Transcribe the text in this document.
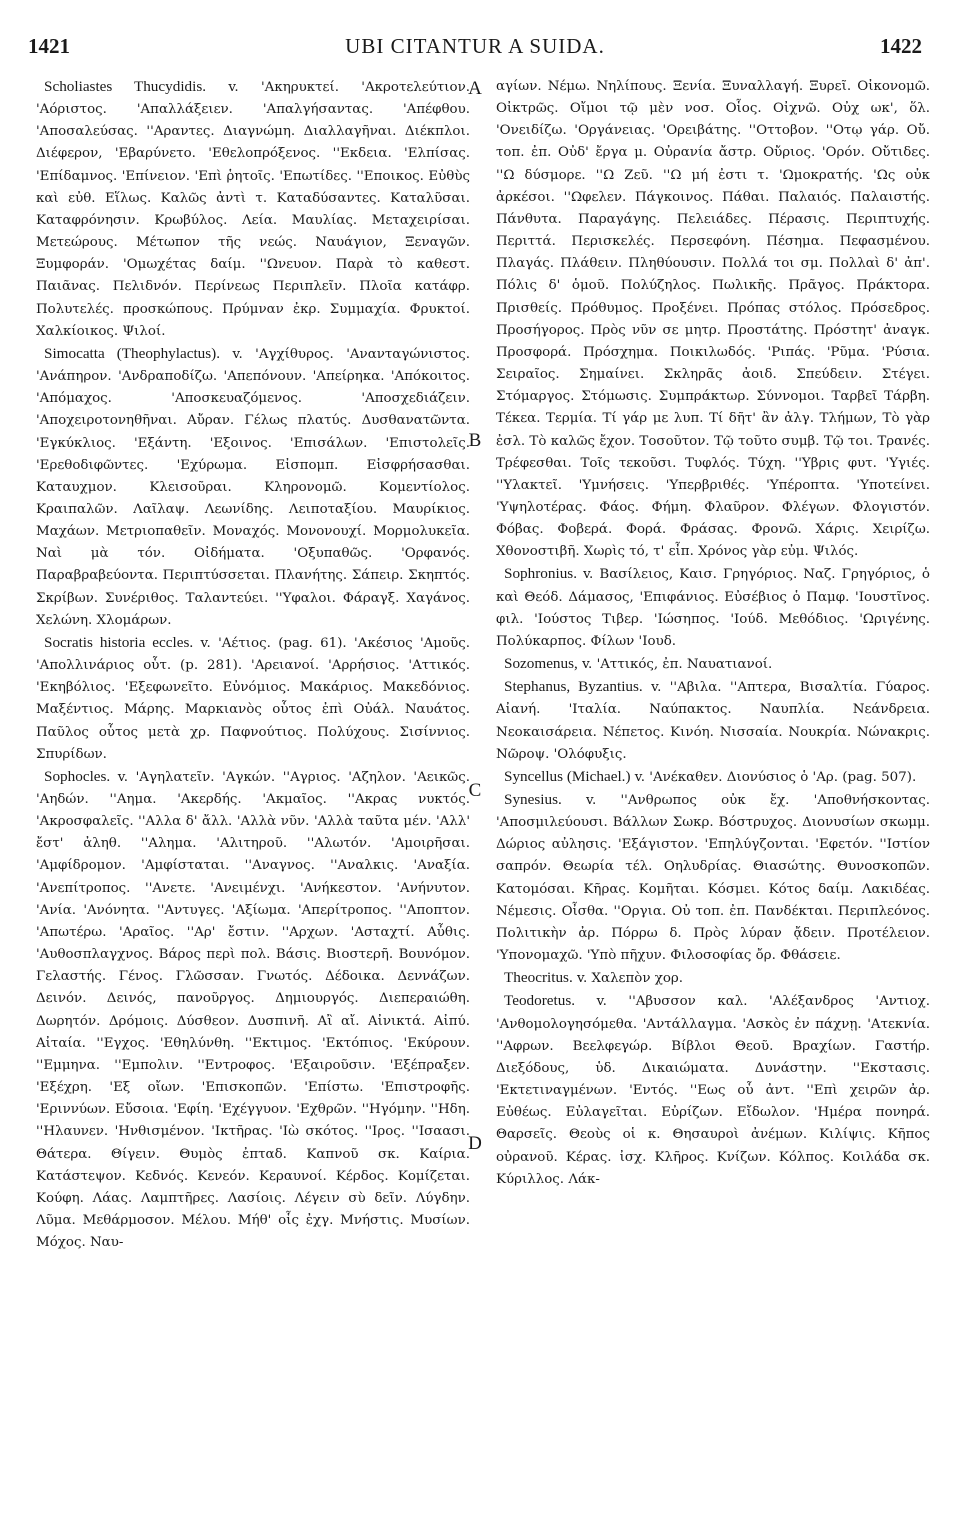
1421	UBI CITANTUR A SUIDA.	1422

Scholiastes Thucydidis. v. 'Ακηρυκτεί. 'Ακροτελεύτιον. 'Αόριστος. 'Απαλλάξειεν. 'Απαλγήσαντας. 'Απέφθου. 'Αποσαλεύσας. ''Αραντες. Διαγνώμη. Διαλλαγῆναι. Διέκπλοι. Διέφερον, 'Εβαρύνετο. 'Εθελοπρόξενος. ''Εκδεια. 'Ελπίσας. 'Επίδαμνος. 'Επίνειον. 'Επὶ ῥητοῖς. 'Επωτίδες. ''Εποικος. Εὐθὺς καὶ εὐθ. Εἵλως. Καλῶς ἀντὶ τ. Καταδύσαντες. Καταλῦσαι. Καταφρόνησιν. Κρωβύλος. Λεία. Μαυλίας. Μεταχειρίσαι. Μετεώρους. Μέτωπον τῆς νεώς. Ναυάγιον, Ξεναγῶν. Ξυμφοράν. 'Ομωχέτας δαίμ. ''Ωνευον. Παρὰ τὸ καθεστ. Παιᾶνας. Πελιδνόν. Περίνεως Περιπλεῖν. Πλοῖα κατάφρ. Πολυτελές. προσκώπους. Πρύμναν ἐκρ. Συμμαχία. Φρυκτοί. Χαλκίοικος. Ψιλοί.

Simocatta (Theophylactus). v. 'Αγχίθυρος. 'Ανανταγώνιστος. 'Ανάπηρον. 'Ανδραποδίζω. 'Απεπόνουν. 'Απείρηκα. 'Απόκοιτος. 'Απόμαχος. 'Αποσκευαζόμενος. 'Αποσχεδιάζειν. 'Αποχειροτονηθῆναι. Αὔραν. Γέλως πλατύς. Δυσθανατῶντα. 'Εγκύκλιος. 'Εξάντη. 'Εξοινος. 'Επισάλων. 'Επιστολεῖς. 'Ερεθοδιφῶντες. 'Εχύρωμα. Εἰσπομπ. Εἰσφρήσασθαι. Καταυχμον. Κλεισοῦραι. Κληρονομῶ. Κομεντίολος. Κραιπαλῶν. Λαῖλαψ. Λεωνίδης. Λειποταξίου. Μαυρίκιος. Μαχάων. Μετριοπαθεῖν. Μοναχός. Μονονουχί. Μορμολυκεῖα. Ναὶ μὰ τόν. Οἰδήματα. 'Οξυπαθῶς. 'Ορφανός. Παραβραβεύοντα. Περιπτύσσεται. Πλανήτης. Σάπειρ. Σκηπτός. Σκρίβων. Συνέριθος. Ταλαντεύει. ''Υφαλοι. Φάραγξ. Χαγάνος. Χελώνη. Χλομάρων.

Socratis historia eccles. v. 'Αέτιος. (pag. 61). 'Ακέσιος 'Αμοῦς. 'Απολλινάριος οὗτ. (p. 281). 'Αρειανοί. 'Αρρήσιος. 'Αττικός. 'Εκηβόλιος. 'Εξεφωνεῖτο. Εὐνόμιος. Μακάριος. Μακεδόνιος. Μαξέντιος. Μάρης. Μαρκιανὸς οὗτος ἐπὶ Οὐάλ. Ναυάτος. Παῦλος οὗτος μετὰ χρ. Παφνούτιος. Πολύχους. Σισίννιος. Σπυρίδων.

Sophocles. v. 'Αγηλατεῖν. 'Αγκών. ''Αγριος. 'Αζηλον. 'Αεικῶς. 'Αηδών. ''Αημα. 'Ακερδής. 'Ακμαῖος. ''Ακρας νυκτός. 'Ακροσφαλεῖς. ''Αλλα δ' ἄλλ. 'Αλλὰ νῦν. 'Αλλὰ ταῦτα μέν. 'Αλλ' ἔστ' ἀληθ. ''Αλημα. 'Αλιτηροῦ. ''Αλωτόν. 'Αμοιρῆσαι. 'Αμφίδρομον. 'Αμφίσταται. ''Αναγνος. ''Αναλκις. 'Αναξία. 'Ανεπίτροπος. ''Ανετε. 'Ανειμένχι. 'Ανήκεστον. 'Ανήνυτον. 'Ανία. 'Ανόνητα. ''Αντυγες. 'Αξίωμα. 'Απερίτροπος. ''Αποπτον. 'Απωτέρω. 'Αραῖος. ''Αρ' ἔστιν. ''Αρχων. 'Ασταχτί. Αὖθις. 'Αυθοσπλαγχνος. Βάρος περὶ πολ. Βάσις. Βιοστερῆ. Βουνόμον. Γελαστής. Γένος. Γλῶσσαν. Γνωτός. Δέδοικα. Δεννάζων. Δεινόν. Δεινός, πανοῦργος. Δημιουργός. Διεπεραιώθη. Δωρητόν. Δρόμοις. Δύσθεον. Δυσπινῆ. Αἲ αἴ. Αἰνικτά. Αἰπύ. Αἰταία. ''Εγχος. 'Εθηλύνθη. ''Εκτιμος. 'Εκτόπιος. 'Εκύρουν. ''Εμμηνα. ''Εμπολιν. ''Εντροφος. 'Εξαιροῦσιν. 'Εξέπραξεν. 'Εξέχρη. 'Εξ οἴων. 'Επισκοπῶν. 'Επίστω. 'Επιστροφῆς. 'Εριννύων. Εὔσοια. 'Εφίη. 'Εχέγγυον. 'Εχθρῶν. ''Ηγόμην. ''Ηδη. ''Ηλαυνεν. 'Ηνθισμένον. 'Ικτῆρας. 'Ιὼ σκότος. ''Ιρος. ''Ισαασι. Θάτερα. Θίγειν. Θυμὸς ἐπταδ. Καπνοῦ σκ. Καίρια. Κατάστεψον. Κεδνός. Κενεόν. Κεραυνοί. Κέρδος. Κομίζεται. Κούφη. Λάας. Λαμπτῆρες. Λασίοις. Λέγειν σὺ δεῖν. Λύγδην. Λῦμα. Μεθάρμοσον. Μέλου. Μήθ' οἷς ἐχγ. Μνήστις. Μυσίων. Μόχος. Ναυ-

A
B
C
D

αγίων. Νέμω. Νηλίπους. Ξενία. Ξυναλλαγή. Ξυρεῖ. Οἰκονομῶ. Οἰκτρῶς. Οἴμοι τῷ μὲν νοσ. Οἷος. Οἰχνῶ. Οὐχ ωκ', ὅλ. 'Ονειδίζω. 'Οργάνειας. 'Ορειβάτης. ''Οττοβον. ''Οτῳ γάρ. Οὔ. τοπ. ἐπ. Οὐδ' ἔργα μ. Οὐρανία ἄστρ. Οὔριος. 'Ορόν. Οὔτιδες. ''Ω δύσμορε. ''Ω Ζεῦ. ''Ω μή ἐστι τ. 'Ωμοκρατής. 'Ως οὐκ ἀρκέσοι. ''Ωφελεν. Πάγκοινος. Πάθαι. Παλαιός. Παλαιστής. Πάνθυτα. Παραγάγης. Πελειάδες. Πέρασις. Περιπτυχής. Περιττά. Περισκελές. Περσεφόνη. Πέσημα. Πεφασμένου. Πλαγάς. Πλάθειν. Πληθύουσιν. Πολλά τοι σμ. Πολλαὶ δ' ἀπ'. Πόλις δ' ὁμοῦ. Πολύζηλος. Πωλικῆς. Πρᾶγος. Πράκτορα. Πρισθείς. Πρόθυμος. Προξένει. Πρόπας στόλος. Πρόσεδρος. Προσήγορος. Πρὸς νῦν σε μητρ. Προστάτης. Πρόστητ' ἀναγκ. Προσφορά. Πρόσχημα. Ποικιλωδός. 'Ριπάς. 'Ρῦμα. 'Ρύσια. Σειραῖος. Σημαίνει. Σκληρᾶς ἀοιδ. Σπεύδειν. Στέγει. Στόμαργος. Στόμωσις. Συμπράκτωρ. Σύννομοι. Ταρβεῖ Τάρβη. Τέκεα. Τερμία. Τί γάρ με λυπ. Τί δῆτ' ἂν ἀλγ. Τλήμων, Τὸ γὰρ ἐσλ. Τὸ καλῶς ἔχον. Τοσοῦτον. Τῷ τοῦτο συμβ. Τῷ τοι. Τρανές. Τρέφεσθαι. Τοῖς τεκοῦσι. Τυφλός. Τύχη. ''Υβρις φυτ. 'Υγιές. ''Υλακτεῖ. 'Υμνήσεις. 'Υπερβριθές. 'Υπέροπτα. 'Υποτείνει. 'Υψηλοτέρας. Φάος. Φήμη. Φλαῦρον. Φλέγων. Φλογιστόν. Φόβας. Φοβερά. Φορά. Φράσας. Φρονῶ. Χάρις. Χειρίζω. Χθονοστιβῆ. Χωρὶς τό, τ' εἶπ. Χρόνος γὰρ εὐμ. Ψιλός.

Sophronius. v. Βασίλειος, Καισ. Γρηγόριος. Ναζ. Γρηγόριος, ὁ καὶ Θεόδ. Δάμασος, 'Επιφάνιος. Εὐσέβιος ὁ Παμφ. 'Ιουστῖνος. φιλ. 'Ιούστος Τιβερ. 'Ιώσηπος. 'Ιούδ. Μεθόδιος. 'Ωριγένης. Πολύκαρπος. Φίλων 'Ιουδ.

Sozomenus, v. 'Αττικός, ἐπ. Ναυατιανοί.

Stephanus, Byzantius. v. ''Αβιλα. ''Απτερα, Βισαλτία. Γύαρος. Αἰανή. 'Ιταλία. Ναύπακτος. Ναυπλία. Νεάνδρεια. Νεοκαισάρεια. Νέπετος. Κινόη. Νισσαία. Νουκρία. Νώνακρις. Νῶροψ. 'Ολόφυξις.

Syncellus (Michael.) v. 'Ανέκαθεν. Διονύσιος ὁ 'Αρ. (pag. 507).

Synesius. v. ''Ανθρωπος οὐκ ἔχ. 'Αποθνήσκοντας. 'Αποσμιλεύουσι. Βάλλων Σωκρ. Βόστρυχος. Διονυσίων σκωμμ. Δώριος αὐλησις. 'Εξάγιστον. 'Επηλύγζονται. 'Εφετόν. ''Ιστίον σαπρόν. Θεωρία τέλ. Οηλυδρίας. Θιασώτης. Θυνοσκοπῶν. Κατομόσαι. Κῆρας. Κομῆται. Κόσμει. Κότος δαίμ. Λακιδέας. Νέμεσις. Οἶσθα. ''Οργια. Οὐ τοπ. ἐπ. Πανδέκται. Περιπλεόνος. Πολιτικὴν ἀρ. Πόρρω δ. Πρὸς λύραν ᾄδειν. Προτέλειον. 'Υπονομαχῶ. 'Υπὸ πῆχυν. Φιλοσοφίας ὄρ. Φθάσειε.

Theocritus. v. Χαλεπὸν χορ.

Teodoretus. v. ''Αβυσσον καλ. 'Αλέξανδρος 'Αντιοχ. 'Ανθομολογησόμεθα. 'Αντάλλαγμα. 'Ασκὸς ἐν πάχνῃ. 'Ατεκνία. ''Αφρων. Βεελφεγώρ. Βίβλοι Θεοῦ. Βραχίων. Γαστήρ. Διεξόδους, ὑδ. Δικαιώματα. Δυνάστην. ''Εκστασις. 'Εκτετιναγμένων. 'Εντός. ''Εως οὗ ἀντ. ''Επὶ χειρῶν ἀρ. Εὐθέως. Εὐλαγεῖται. Εὐρίζων. Εἴδωλον. 'Ημέρα πονηρά. Θαρσεῖς. Θεοὺς οἱ κ. Θησαυροὶ ἀνέμων. Κιλίψις. Κῆπος οὐρανοῦ. Κέρας. ἰσχ. Κλῆρος. Κνίζων. Κόλπος. Κοιλάδα σκ. Κύριλλος. Λάκ-
